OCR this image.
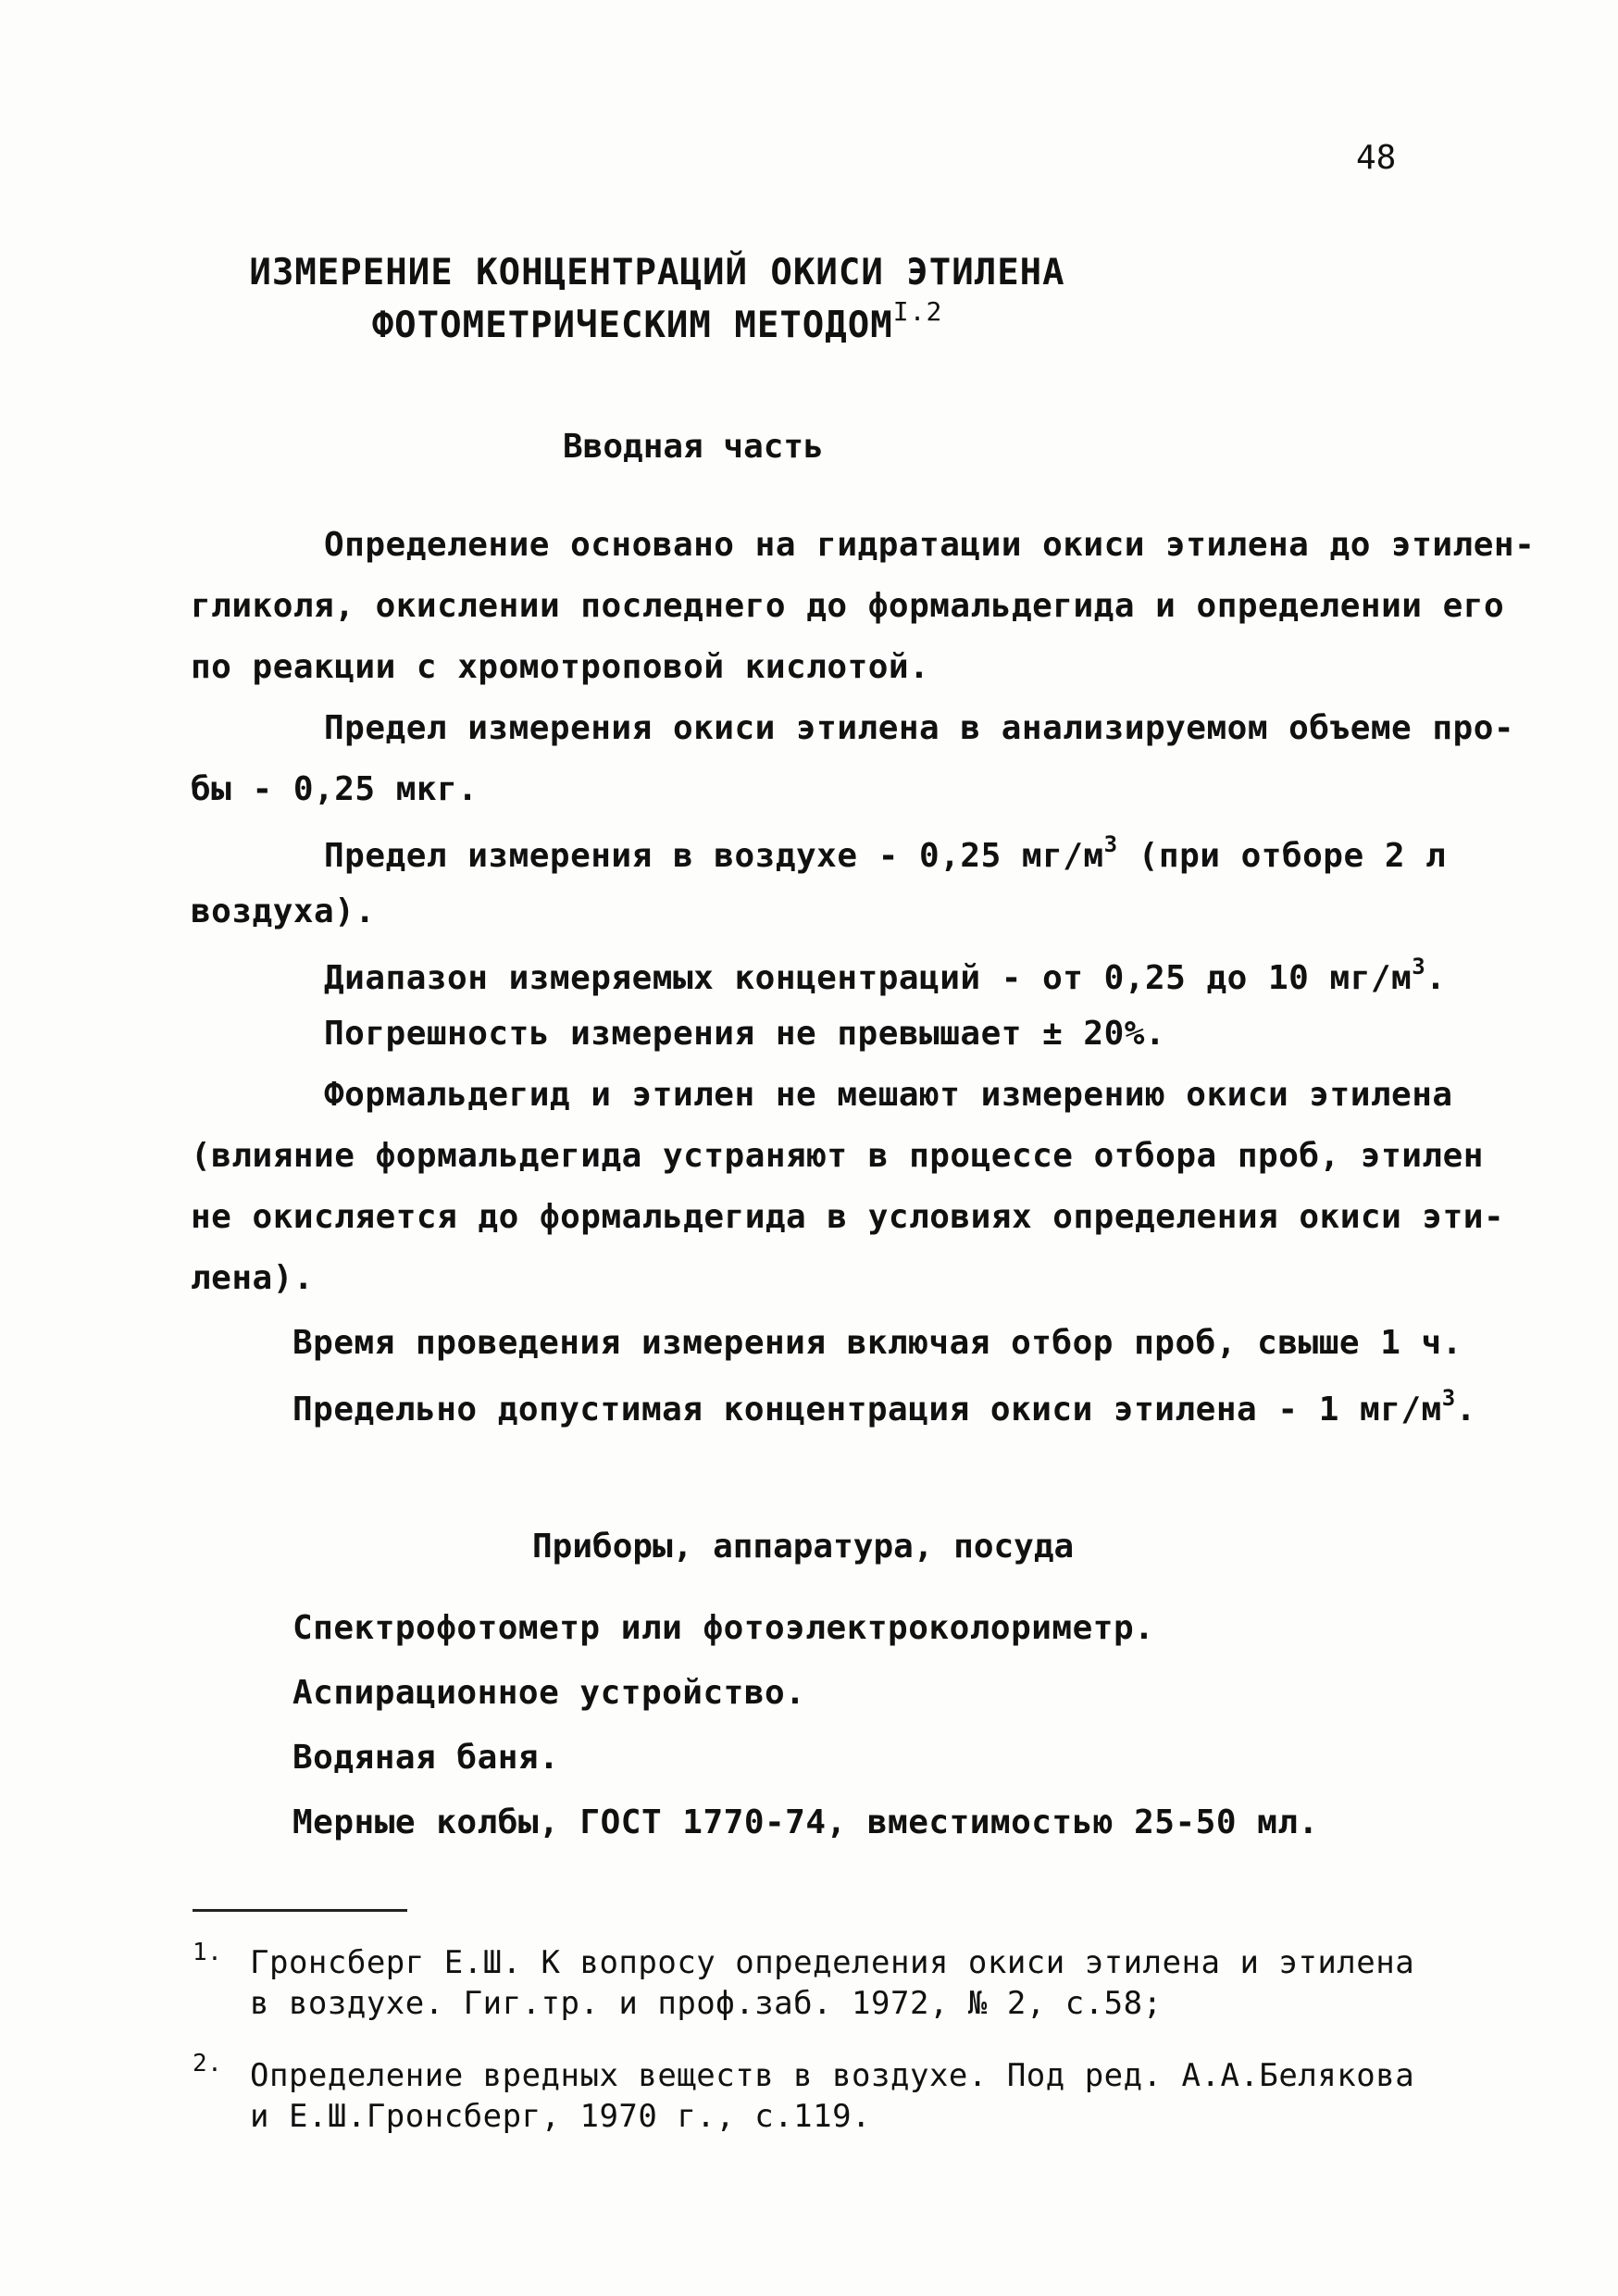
48
ИЗМЕРЕНИЕ КОНЦЕНТРАЦИЙ ОКИСИ ЭТИЛЕНА
ФОТОМЕТРИЧЕСКИМ $МЕТОДОМ^{I.2}$
Вводная часть
Определение основано на гидратации окиси этилена до этилен-
гликоля, окислении последнего до формальдегида и определении его
по реакции с хромотроповой кислотой.
Предел измерения окиси этилена в анализируемом объеме про-
бы - 0,25 мкг.
Предел измерения в воздухе - 0,25 $мг/м^3$ (при отборе 2 л
воздуха).
Диапазон измеряемых концентраций - от 0,25 до 10 $мг/м^3$.
Погрешность измерения не превышает ± 20%.
Формальдегид и этилен не мешают измерению окиси этилена
(влияние формальдегида устраняют в процессе отбора проб, этилен
не окисляется до формальдегида в условиях определения окиси эти-
лена).
Время проведения измерения включая отбор проб, свыше 1 ч.
Предельно допустимая концентрация окиси этилена - 1 $мг/м^3$.
Приборы, аппаратура, посуда
Спектрофотометр или фотоэлектроколориметр.
Аспирационное устройство.
Водяная баня.
Мерные колбы, ГОСТ 1770-74, вместимостью 25-50 мл.
1. Гронсберг Е.Ш. К вопросу определения окиси этилена и этилена
в воздухе. Гиг.тр. и проф.заб. 1972, № 2, с.58;
2. Определение вредных веществ в воздухе. Под ред. А.А.Белякова
и Е.Ш.Гронсберг, 1970 г., с.119.
